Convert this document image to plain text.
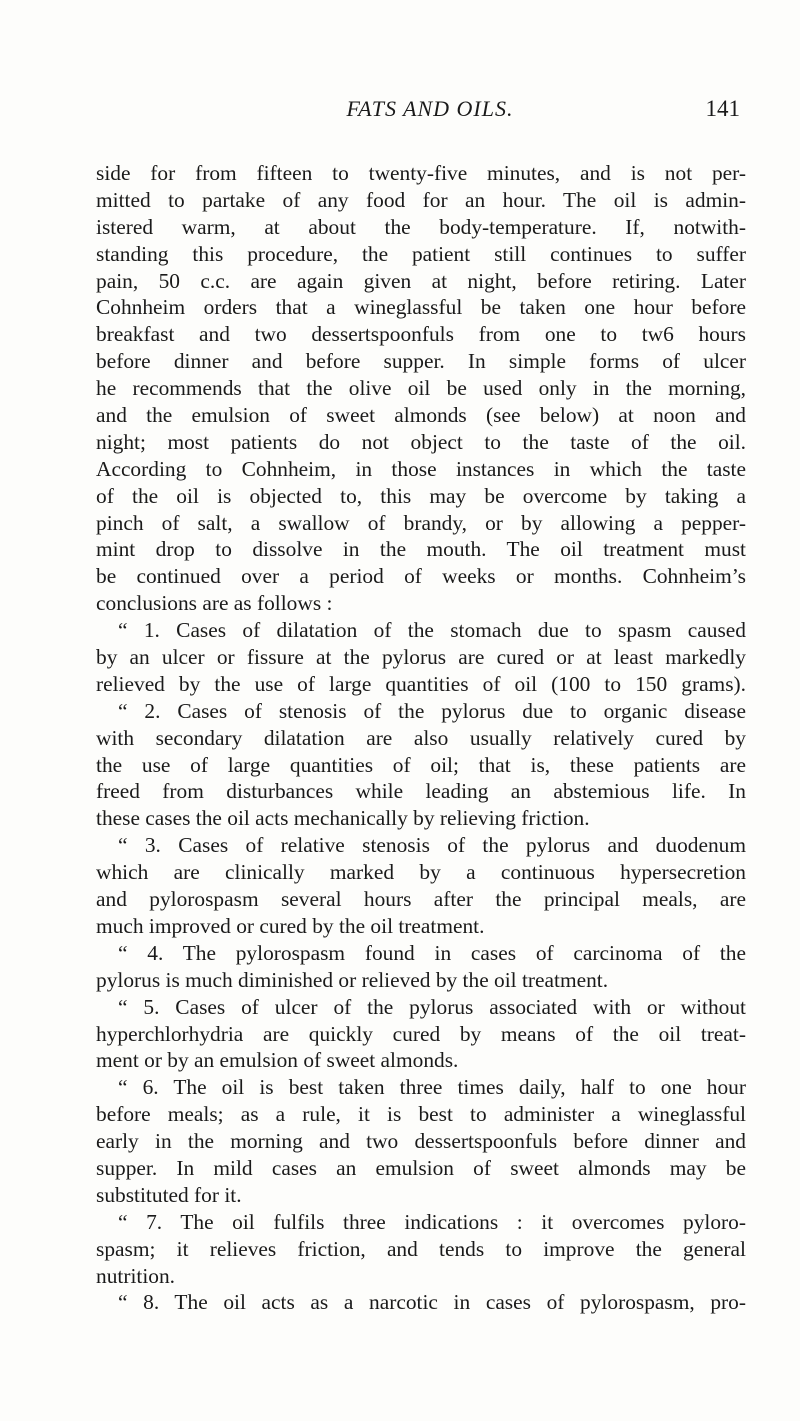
FATS AND OILS.	141
side for from fifteen to twenty-five minutes, and is not per-
mitted to partake of any food for an hour. The oil is admin-
istered warm, at about the body-temperature. If, notwith-
standing this procedure, the patient still continues to suffer
pain, 50 c.c. are again given at night, before retiring. Later
Cohnheim orders that a wineglassful be taken one hour before
breakfast and two dessertspoonfuls from one to tw6 hours
before dinner and before supper. In simple forms of ulcer
he recommends that the olive oil be used only in the morning,
and the emulsion of sweet almonds (see below) at noon and
night; most patients do not object to the taste of the oil.
According to Cohnheim, in those instances in which the taste
of the oil is objected to, this may be overcome by taking a
pinch of salt, a swallow of brandy, or by allowing a pepper-
mint drop to dissolve in the mouth. The oil treatment must
be continued over a period of weeks or months. Cohnheim’s
conclusions are as follows :
“ 1. Cases of dilatation of the stomach due to spasm caused
by an ulcer or fissure at the pylorus are cured or at least markedly
relieved by the use of large quantities of oil (100 to 150 grams).
“ 2. Cases of stenosis of the pylorus due to organic disease
with secondary dilatation are also usually relatively cured by
the use of large quantities of oil; that is, these patients are
freed from disturbances while leading an abstemious life. In
these cases the oil acts mechanically by relieving friction.
“ 3. Cases of relative stenosis of the pylorus and duodenum
which are clinically marked by a continuous hypersecretion
and pylorospasm several hours after the principal meals, are
much improved or cured by the oil treatment.
“ 4. The pylorospasm found in cases of carcinoma of the
pylorus is much diminished or relieved by the oil treatment.
“ 5. Cases of ulcer of the pylorus associated with or without
hyperchlorhydria are quickly cured by means of the oil treat-
ment or by an emulsion of sweet almonds.
“ 6. The oil is best taken three times daily, half to one hour
before meals; as a rule, it is best to administer a wineglassful
early in the morning and two dessertspoonfuls before dinner and
supper. In mild cases an emulsion of sweet almonds may be
substituted for it.
“ 7. The oil fulfils three indications : it overcomes pyloro-
spasm; it relieves friction, and tends to improve the general
nutrition.
“ 8. The oil acts as a narcotic in cases of pylorospasm, pro-
